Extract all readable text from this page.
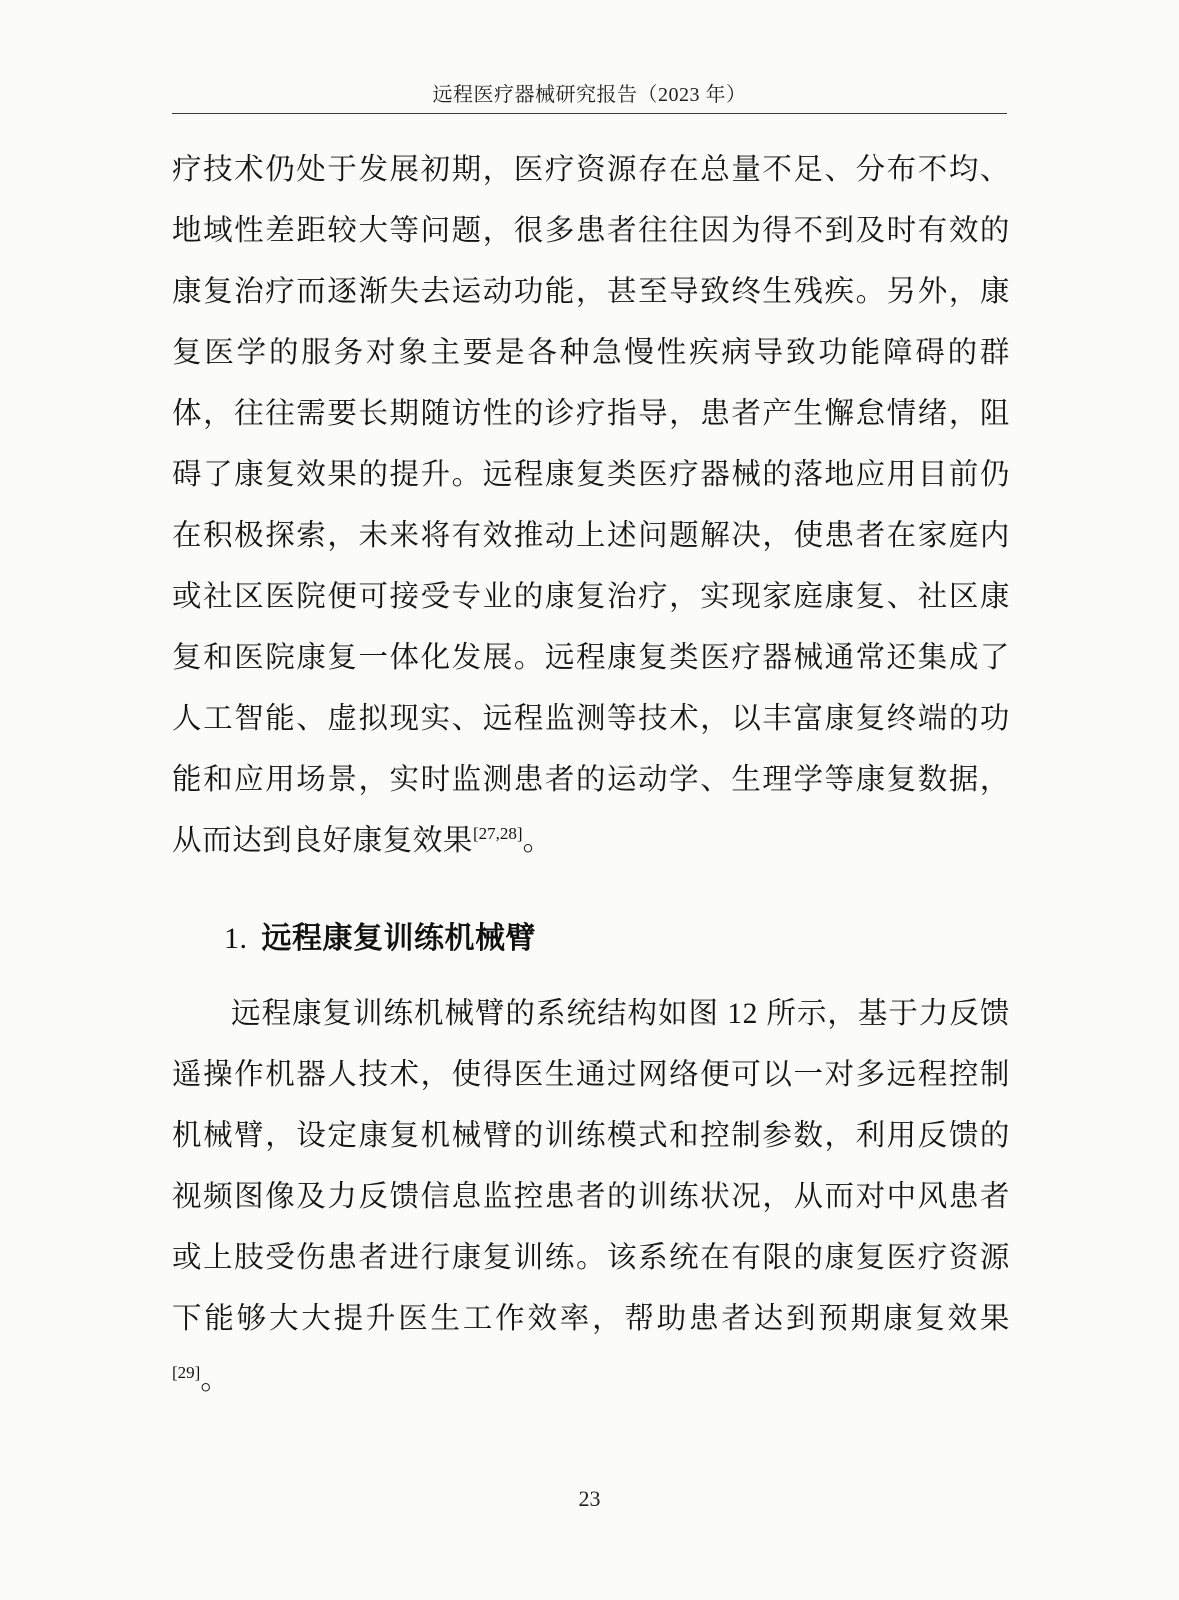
远程医疗器械研究报告（2023 年）

疗技术仍处于发展初期，医疗资源存在总量不足、分布不均、地域性差距较大等问题，很多患者往往因为得不到及时有效的康复治疗而逐渐失去运动功能，甚至导致终生残疾。另外，康复医学的服务对象主要是各种急慢性疾病导致功能障碍的群体，往往需要长期随访性的诊疗指导，患者产生懈怠情绪，阻碍了康复效果的提升。远程康复类医疗器械的落地应用目前仍在积极探索，未来将有效推动上述问题解决，使患者在家庭内或社区医院便可接受专业的康复治疗，实现家庭康复、社区康复和医院康复一体化发展。远程康复类医疗器械通常还集成了人工智能、虚拟现实、远程监测等技术，以丰富康复终端的功能和应用场景，实时监测患者的运动学、生理学等康复数据，从而达到良好康复效果[27,28]。

1. 远程康复训练机械臂

远程康复训练机械臂的系统结构如图 12 所示，基于力反馈遥操作机器人技术，使得医生通过网络便可以一对多远程控制机械臂，设定康复机械臂的训练模式和控制参数，利用反馈的视频图像及力反馈信息监控患者的训练状况，从而对中风患者或上肢受伤患者进行康复训练。该系统在有限的康复医疗资源下能够大大提升医生工作效率，帮助患者达到预期康复效果[29]。

23
